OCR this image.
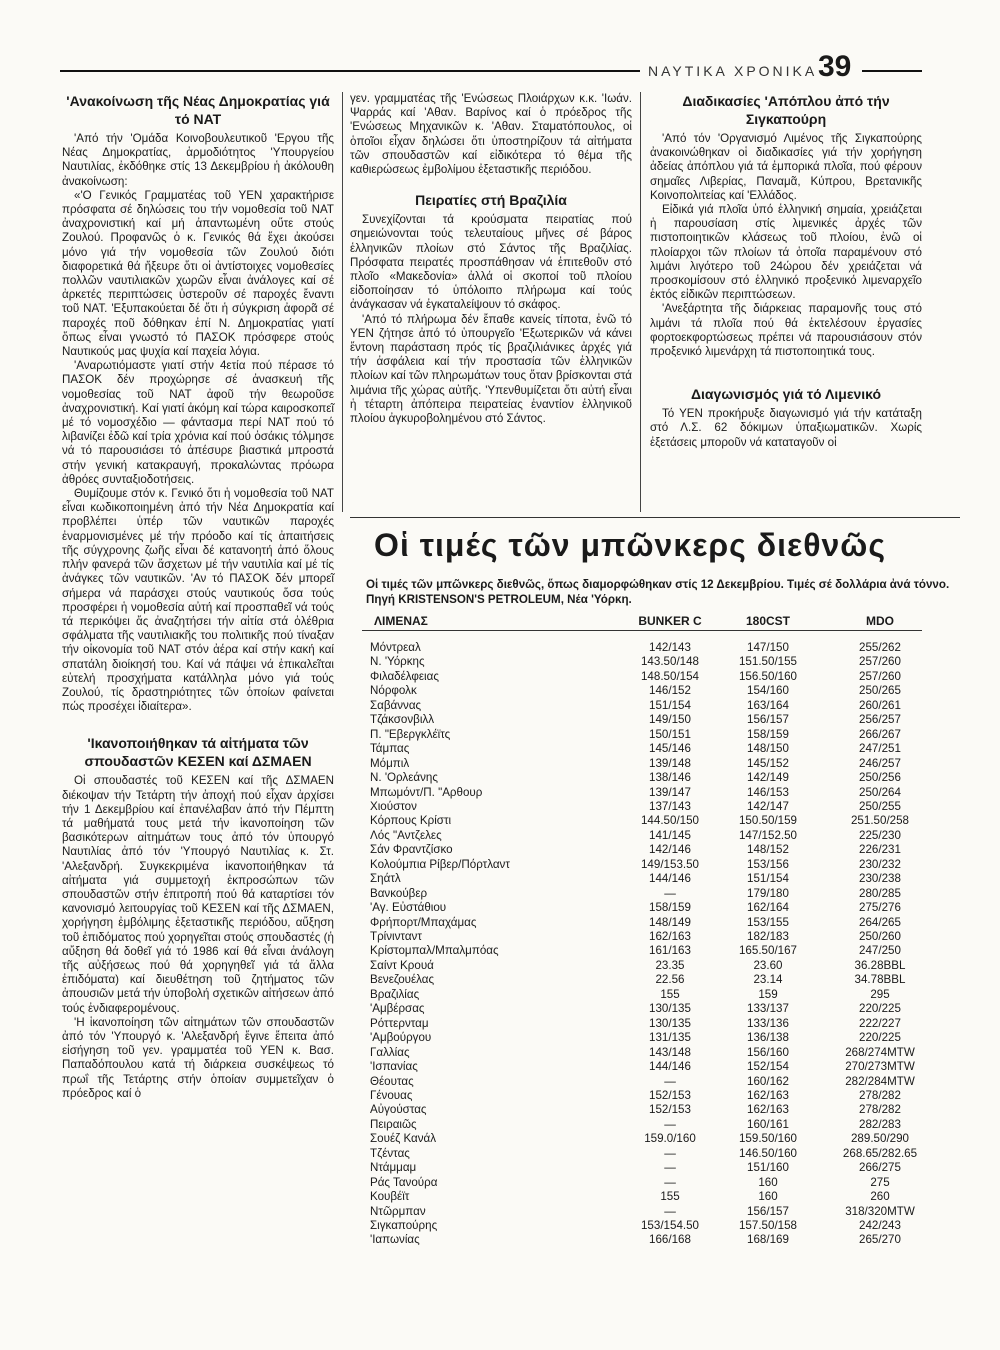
ΝΑΥΤΙΚΑ ΧΡΟΝΙΚΑ 39
'Ανακοίνωση τῆς Νέας Δημοκρατίας γιά τό ΝΑΤ

'Από τήν 'Ομάδα Κοινοβουλευτικοῦ 'Εργου τῆς Νέας Δημοκρατίας, ἁρμοδιότητος 'Υπουργείου Ναυτιλίας, ἐκδόθηκε στίς 13 Δεκεμβρίου ἡ ἀκόλουθη ἀνακοίνωση:

«'Ο Γενικός Γραμματέας τοῦ ΥΕΝ χαρακτήρισε πρόσφατα σέ δηλώσεις του τήν νομοθεσία τοῦ ΝΑΤ ἀναχρονιστική καί μή ἀπαντωμένη οὔτε στούς Ζουλού. Προφανῶς ὁ κ. Γενικός θά ἔχει ἀκούσει μόνο γιά τήν νομοθεσία τῶν Ζουλού διότι διαφορετικά θά ἤξευρε ὅτι οἱ ἀντίστοιχες νομοθεσίες πολλῶν ναυτιλιακῶν χωρῶν εἶναι ἀνάλογες καί σέ ἀρκετές περιπτώσεις ὑστεροῦν σέ παροχές ἔναντι τοῦ ΝΑΤ. 'Εξυπακούεται δέ ὅτι ἡ σύγκριση ἀφορᾶ σέ παροχές ποῦ δόθηκαν ἐπί Ν. Δημοκρατίας γιατί ὅπως εἶναι γνωστό τό ΠΑΣΟΚ πρόσφερε στούς Ναυτικούς μας ψυχία καί παχεία λόγια.

'Αναρωτιόμαστε γιατί στήν 4ετία πού πέρασε τό ΠΑΣΟΚ δέν προχώρησε σέ ἀνασκευή τῆς νομοθεσίας τοῦ ΝΑΤ ἀφοῦ τήν θεωροῦσε ἀναχρονιστική. Καί γιατί ἀκόμη καί τώρα καιροσκοπεῖ μέ τό νομοσχέδιο — φάντασμα περί ΝΑΤ πού τό λιβανίζει ἐδῶ καί τρία χρόνια καί πού ὁσάκις τόλμησε νά τό παρουσιάσει τό ἀπέσυρε βιαστικά μπροστά στήν γενική κατακραυγή, προκαλώντας πρόωρα ἀθρόες συνταξιοδοτήσεις.

Θυμίζουμε στόν κ. Γενικό ὅτι ἡ νομοθεσία τοῦ ΝΑΤ εἶναι κωδικοποιημένη ἀπό τήν Νέα Δημοκρατία καί προβλέπει ὑπέρ τῶν ναυτικῶν παροχές ἐναρμονισμένες μέ τήν πρόοδο καί τίς ἀπαιτήσεις τῆς σύγχρονης ζωῆς εἶναι δέ κατανοητή ἀπό ὅλους πλήν φανερά τῶν ἄσχετων μέ τήν ναυτιλία καί μέ τίς ἀνάγκες τῶν ναυτικῶν. 'Αν τό ΠΑΣΟΚ δέν μπορεῖ σήμερα νά παράσχει στούς ναυτικούς ὅσα τούς προσφέρει ἡ νομοθεσία αὐτή καί προσπαθεῖ νά τούς τά περικόψει ἄς ἀναζητήσει τήν αἰτία στά ὀλέθρια σφάλματα τῆς ναυτιλιακῆς του πολιτικῆς πού τίναξαν τήν οἰκονομία τοῦ ΝΑΤ στόν ἀέρα καί στήν κακή καί σπατάλη διοίκησή του. Καί νά πάψει νά ἐπικαλεῖται εὐτελή προσχήματα κατάλληλα μόνο γιά τούς Ζουλού, τίς δραστηριότητες τῶν ὁποίων φαίνεται πώς προσέχει ἰδιαίτερα».

'Ικανοποιήθηκαν τά αἰτήματα τῶν σπουδαστῶν ΚΕΣΕΝ καί ΔΣΜΑΕΝ

Οἱ σπουδαστές τοῦ ΚΕΣΕΝ καί τῆς ΔΣΜΑΕΝ διέκοψαν τήν Τετάρτη τήν ἀποχή πού εἶχαν ἀρχίσει τήν 1 Δεκεμβρίου καί ἐπανέλαβαν ἀπό τήν Πέμπτη τά μαθήματά τους μετά τήν ἱκανοποίηση τῶν βασικότερων αἰτημάτων τους ἀπό τόν ὑπουργό Ναυτιλίας ἀπό τόν 'Υπουργό Ναυτιλίας κ. Στ. 'Αλεξανδρή. Συγκεκριμένα ἱκανοποιήθηκαν τά αἰτήματα γιά συμμετοχή ἐκπροσώπων τῶν σπουδαστῶν στήν ἐπιτροπή πού θά καταρτίσει τόν κανονισμό λειτουργίας τοῦ ΚΕΣΕΝ καί τῆς ΔΣΜΑΕΝ, χορήγηση ἐμβόλιμης ἐξεταστικῆς περιόδου, αὔξηση τοῦ ἐπιδόματος πού χορηγεῖται στούς σπουδαστές (ἡ αὔξηση θά δοθεῖ γιά τό 1986 καί θά εἶναι ἀνάλογη τῆς αὐξήσεως πού θά χορηγηθεῖ γιά τά ἄλλα ἐπιδόματα) καί διευθέτηση τοῦ ζητήματος τῶν ἀπουσιῶν μετά τήν ὑποβολή σχετικῶν αἰτήσεων ἀπό τούς ἐνδιαφερομένους.

'Η ἱκανοποίηση τῶν αἰτημάτων τῶν σπουδαστῶν ἀπό τόν 'Υπουργό κ. 'Αλεξανδρή ἔγινε ἔπειτα ἀπό εἰσήγηση τοῦ γεν. γραμματέα τοῦ ΥΕΝ κ. Βασ. Παπαδόπουλου κατά τή διάρκεια συσκέψεως τό πρωΐ τῆς Τετάρτης στήν ὁποίαν συμμετεῖχαν ὁ πρόεδρος καί ὁ

γεν. γραμματέας τῆς 'Ενώσεως Πλοιάρχων κ.κ. 'Ιωάν. Ψαρράς καί 'Αθαν. Βαρίνος καί ὁ πρόεδρος τῆς 'Ενώσεως Μηχανικῶν κ. 'Αθαν. Σταματόπουλος, οἱ ὁποῖοι εἶχαν δηλώσει ὅτι ὑποστηρίζουν τά αἰτήματα τῶν σπουδαστῶν καί εἰδικότερα τό θέμα τῆς καθιερώσεως ἐμβολίμου ἐξεταστικῆς περιόδου.

Πειρατίες στή Βραζιλία

Συνεχίζονται τά κρούσματα πειρατίας πού σημειώνονται τούς τελευταίους μῆνες σέ βάρος ἑλληνικῶν πλοίων στό Σάντος τῆς Βραζιλίας. Πρόσφατα πειρατές προσπάθησαν νά ἐπιτεθοῦν στό πλοῖο «Μακεδονία» ἀλλά οἱ σκοποί τοῦ πλοίου εἰδοποίησαν τό ὑπόλοιπο πλήρωμα καί τούς ἀνάγκασαν νά ἐγκαταλείψουν τό σκάφος.

'Από τό πλήρωμα δέν ἔπαθε κανείς τίποτα, ἐνῶ τό ΥΕΝ ζήτησε ἀπό τό ὑπουργεῖο 'Εξωτερικῶν νά κάνει ἔντονη παράσταση πρός τίς βραζιλιάνικες ἀρχές γιά τήν ἀσφάλεια καί τήν προστασία τῶν ἑλληνικῶν πλοίων καί τῶν πληρωμάτων τους ὅταν βρίσκονται στά λιμάνια τῆς χώρας αὐτῆς. 'Υπενθυμίζεται ὅτι αὐτή εἶναι ἡ τέταρτη ἀπόπειρα πειρατείας ἐναντίον ἑλληνικοῦ πλοίου ἀγκυροβολημένου στό Σάντος.

Διαδικασίες 'Απόπλου ἀπό τήν Σιγκαπούρη

'Από τόν 'Οργανισμό Λιμένος τῆς Σιγκαπούρης ἀνακοινώθηκαν οἱ διαδικασίες γιά τήν χορήγηση ἀδείας ἀπόπλου γιά τά ἐμπορικά πλοῖα, πού φέρουν σημαῖες Λιβερίας, Παναμᾶ, Κύπρου, Βρετανικῆς Κοινοπολιτείας καί 'Ελλάδος.

Εἰδικά γιά πλοῖα ὑπό ἑλληνική σημαία, χρειάζεται ἡ παρουσίαση στίς λιμενικές ἀρχές τῶν πιστοποιητικῶν κλάσεως τοῦ πλοίου, ἐνῶ οἱ πλοίαρχοι τῶν πλοίων τά ὁποῖα παραμένουν στό λιμάνι λιγότερο τοῦ 24ώρου δέν χρειάζεται νά προσκομίσουν στό ἑλληνικό προξενικό λιμεναρχεῖο ἐκτός εἰδικῶν περιπτώσεων.

'Ανεξάρτητα τῆς διάρκειας παραμονῆς τους στό λιμάνι τά πλοῖα πού θά ἐκτελέσουν ἐργασίες φορτοεκφορτώσεως πρέπει νά παρουσιάσουν στόν προξενικό λιμενάρχη τά πιστοποιητικά τους.

Διαγωνισμός γιά τό Λιμενικό

Τό ΥΕΝ προκήρυξε διαγωνισμό γιά τήν κατάταξη στό Λ.Σ. 62 δόκιμων ὑπαξιωματικῶν. Χωρίς ἐξετάσεις μποροῦν νά καταταγοῦν οἱ

Οἱ τιμές τῶν μπῶνκερς διεθνῶς
Οἱ τιμές τῶν μπῶνκερς διεθνῶς, ὅπως διαμορφώθηκαν στίς 12 Δεκεμβρίου. Τιμές σέ δολλάρια ἀνά τόννο. Πηγή KRISTENSON'S PETROLEUM, Νέα 'Υόρκη.
ΛΙΜΕΝΑΣ	BUNKER C	180CST	MDO
Μόντρεαλ	142/143	147/150	255/262
Ν. 'Υόρκης	143.50/148	151.50/155	257/260
Φιλαδέλφειας	148.50/154	156.50/160	257/260
Νόρφολκ	146/152	154/160	250/265
Σαβάννας	151/154	163/164	260/261
Τζάκσονβιλλ	149/150	156/157	256/257
Π. "Εβεργκλέϊτς	150/151	158/159	266/267
Τάμπας	145/146	148/150	247/251
Μόμπιλ	139/148	145/152	246/257
Ν. 'Ορλεάνης	138/146	142/149	250/256
Μπωμόντ/Π. "Αρθουρ	139/147	146/153	250/264
Χιούστον	137/143	142/147	250/255
Κόρπους Κρίστι	144.50/150	150.50/159	251.50/258
Λός "Αντζελες	141/145	147/152.50	225/230
Σάν Φραντζίσκο	142/146	148/152	226/231
Κολούμπια Ρίβερ/Πόρτλαντ	149/153.50	153/156	230/232
Σηάτλ	144/146	151/154	230/238
Βανκούβερ	—	179/180	280/285
'Αγ. Εὐστάθιου	158/159	162/164	275/276
Φρήπορτ/Μπαχάμας	148/149	153/155	264/265
Τρίνινταντ	162/163	182/183	250/260
Κρίστομπαλ/Μπαλμπόας	161/163	165.50/167	247/250
Σαίντ Κρουά	23.35	23.60	36.28BBL
Βενεζουέλας	22.56	23.14	34.78BBL
Βραζιλίας	155	159	295
'Αμβέρσας	130/135	133/137	220/225
Ρόττερνταμ	130/135	133/136	222/227
'Αμβούργου	131/135	136/138	220/225
Γαλλίας	143/148	156/160	268/274MTW
'Ισπανίας	144/146	152/154	270/273MTW
Θέουτας	—	160/162	282/284MTW
Γένουας	152/153	162/163	278/282
Αὐγούστας	152/153	162/163	278/282
Πειραιῶς	—	160/161	282/283
Σουέζ Κανάλ	159.0/160	159.50/160	289.50/290
Τζέντας	—	146.50/160	268.65/282.65
Ντάμμαμ	—	151/160	266/275
Ράς Τανούρα	—	160	275
Κουβέϊτ	155	160	260
Ντῶρμπαν	—	156/157	318/320MTW
Σιγκαπούρης	153/154.50	157.50/158	242/243
'Ιαπωνίας	166/168	168/169	265/270
